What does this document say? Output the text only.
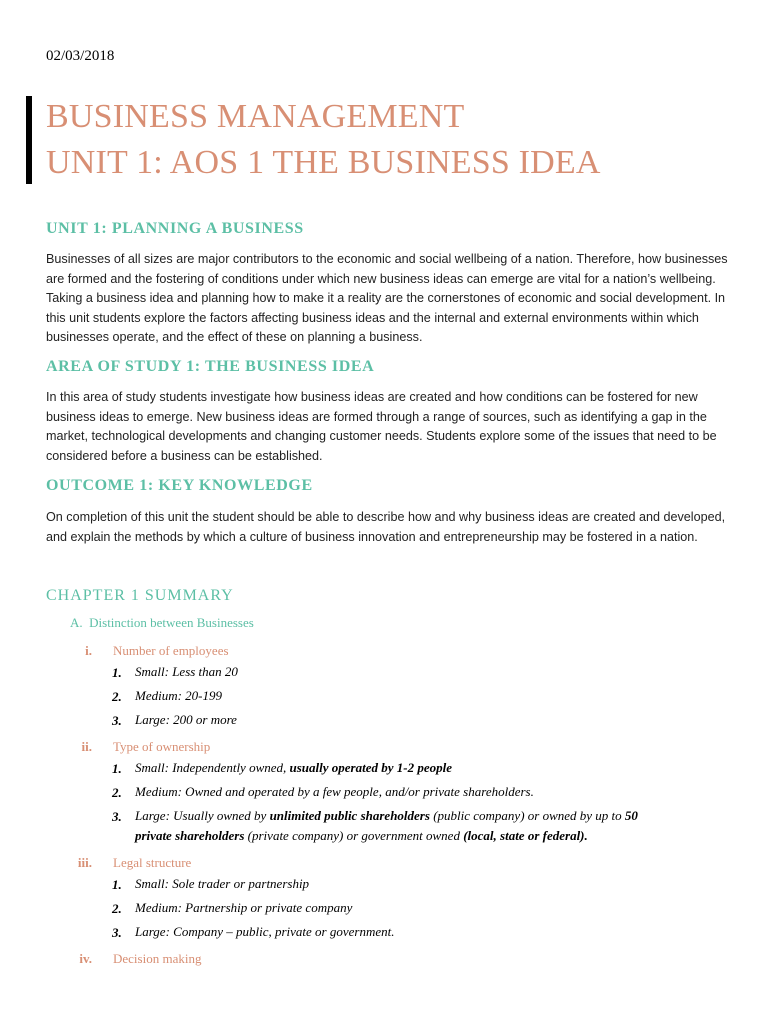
02/03/2018
BUSINESS MANAGEMENT
UNIT 1: AOS 1 THE BUSINESS IDEA
UNIT 1: PLANNING A BUSINESS
Businesses of all sizes are major contributors to the economic and social wellbeing of a nation. Therefore, how businesses
are formed and the fostering of conditions under which new business ideas can emerge are vital for a nation’s wellbeing.
Taking a business idea and planning how to make it a reality are the cornerstones of economic and social development. In
this unit students explore the factors affecting business ideas and the internal and external environments within which
businesses operate, and the effect of these on planning a business.
AREA OF STUDY 1: THE BUSINESS IDEA
In this area of study students investigate how business ideas are created and how conditions can be fostered for new
business ideas to emerge. New business ideas are formed through a range of sources, such as identifying a gap in the
market, technological developments and changing customer needs. Students explore some of the issues that need to be
considered before a business can be established.
OUTCOME 1: KEY KNOWLEDGE
On completion of this unit the student should be able to describe how and why business ideas are created and developed,
and explain the methods by which a culture of business innovation and entrepreneurship may be fostered in a nation.
CHAPTER 1 SUMMARY
A. Distinction between Businesses
i. Number of employees
1.	Small: Less than 20
2.	Medium: 20-199
3.	Large: 200 or more
ii. Type of ownership
1.	Small: Independently owned, usually operated by 1-2 people
2.	Medium: Owned and operated by a few people, and/or private shareholders.
3.	Large: Usually owned by unlimited public shareholders (public company) or owned by up to 50
private shareholders (private company) or government owned (local, state or federal).
iii. Legal structure
1.	Small: Sole trader or partnership
2.	Medium: Partnership or private company
3.	Large: Company – public, private or government.
iv. Decision making
